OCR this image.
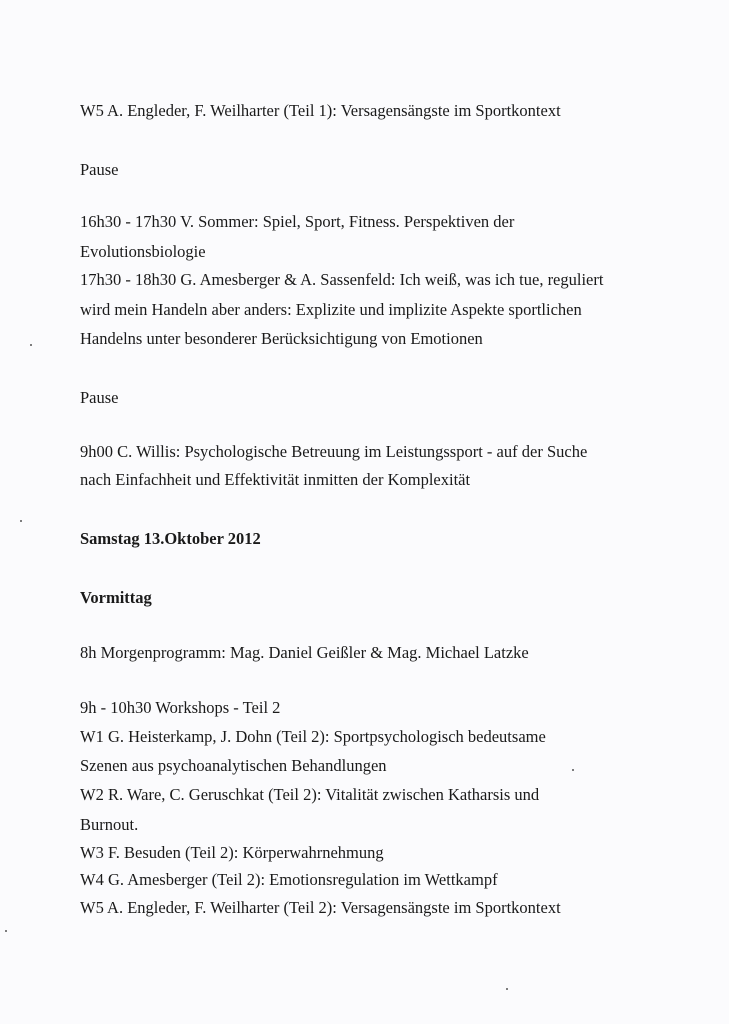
W5 A. Engleder, F. Weilharter (Teil 1): Versagensängste im Sportkontext
Pause
16h30 - 17h30 V. Sommer: Spiel, Sport, Fitness. Perspektiven der
Evolutionsbiologie
17h30 - 18h30 G. Amesberger & A. Sassenfeld: Ich weiß, was ich tue, reguliert
wird mein Handeln aber anders: Explizite und implizite Aspekte sportlichen
Handelns unter besonderer Berücksichtigung von Emotionen
Pause
9h00 C. Willis: Psychologische Betreuung im Leistungssport - auf der Suche
nach Einfachheit und Effektivität inmitten der Komplexität
Samstag 13.Oktober 2012
Vormittag
8h Morgenprogramm: Mag. Daniel Geißler & Mag. Michael Latzke
9h - 10h30 Workshops - Teil 2
W1 G. Heisterkamp, J. Dohn (Teil 2): Sportpsychologisch bedeutsame
Szenen aus psychoanalytischen Behandlungen
W2 R. Ware, C. Geruschkat (Teil 2): Vitalität zwischen Katharsis und
Burnout.
W3 F. Besuden (Teil 2): Körperwahrnehmung
W4 G. Amesberger (Teil 2): Emotionsregulation im Wettkampf
W5 A. Engleder, F. Weilharter (Teil 2): Versagensängste im Sportkontext
